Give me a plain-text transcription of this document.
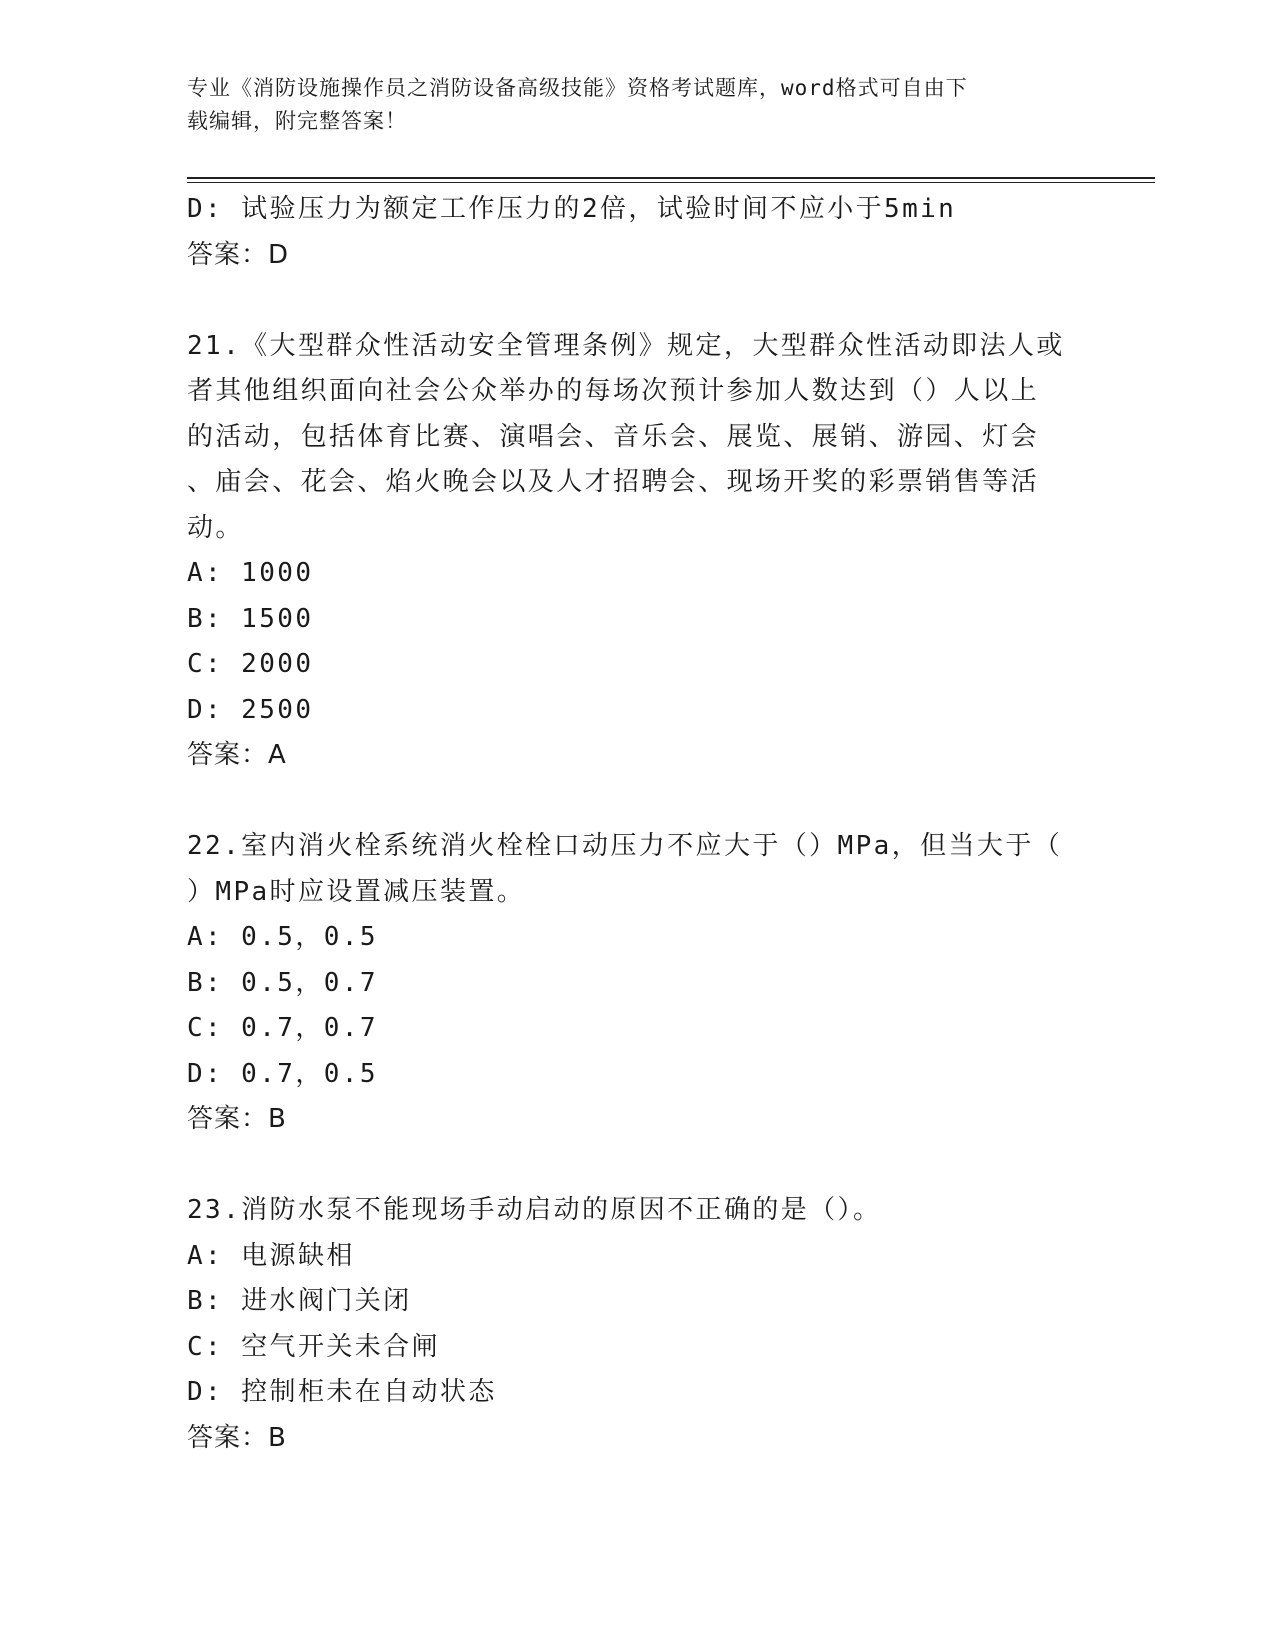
专业《消防设施操作员之消防设备高级技能》资格考试题库，word格式可自由下
载编辑，附完整答案！
D: 试验压力为额定工作压力的2倍，试验时间不应小于5min
答案：D
21.《大型群众性活动安全管理条例》规定，大型群众性活动即法人或
者其他组织面向社会公众举办的每场次预计参加人数达到（）人以上
的活动，包括体育比赛、演唱会、音乐会、展览、展销、游园、灯会
、庙会、花会、焰火晚会以及人才招聘会、现场开奖的彩票销售等活
动。
A: 1000
B: 1500
C: 2000
D: 2500
答案：A
22.室内消火栓系统消火栓栓口动压力不应大于（）MPa，但当大于（
）MPa时应设置减压装置。
A: 0.5，0.5
B: 0.5，0.7
C: 0.7，0.7
D: 0.7，0.5
答案：B
23.消防水泵不能现场手动启动的原因不正确的是（）。
A: 电源缺相
B: 进水阀门关闭
C: 空气开关未合闸
D: 控制柜未在自动状态
答案：B
